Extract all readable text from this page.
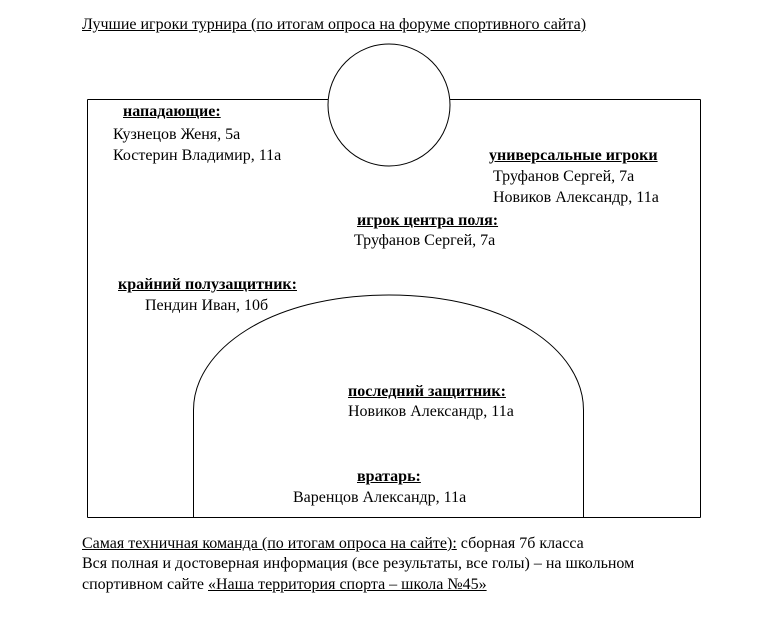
Лучшие игроки турнира (по итогам опроса на форуме спортивного сайта)
нападающие:
Кузнецов Женя, 5а
Костерин Владимир, 11а	универсальные игроки
Труфанов Сергей, 7а
Новиков Александр, 11а
игрок центра поля:
Труфанов Сергей, 7а
крайний полузащитник:
Пендин Иван, 10б
последний защитник:
Новиков Александр, 11а
вратарь:
Варенцов Александр, 11а
Самая техничная команда (по итогам опроса на сайте): сборная 7б класса
Вся полная и достоверная информация (все результаты, все голы) – на школьном
спортивном сайте «Наша территория спорта – школа №45»
